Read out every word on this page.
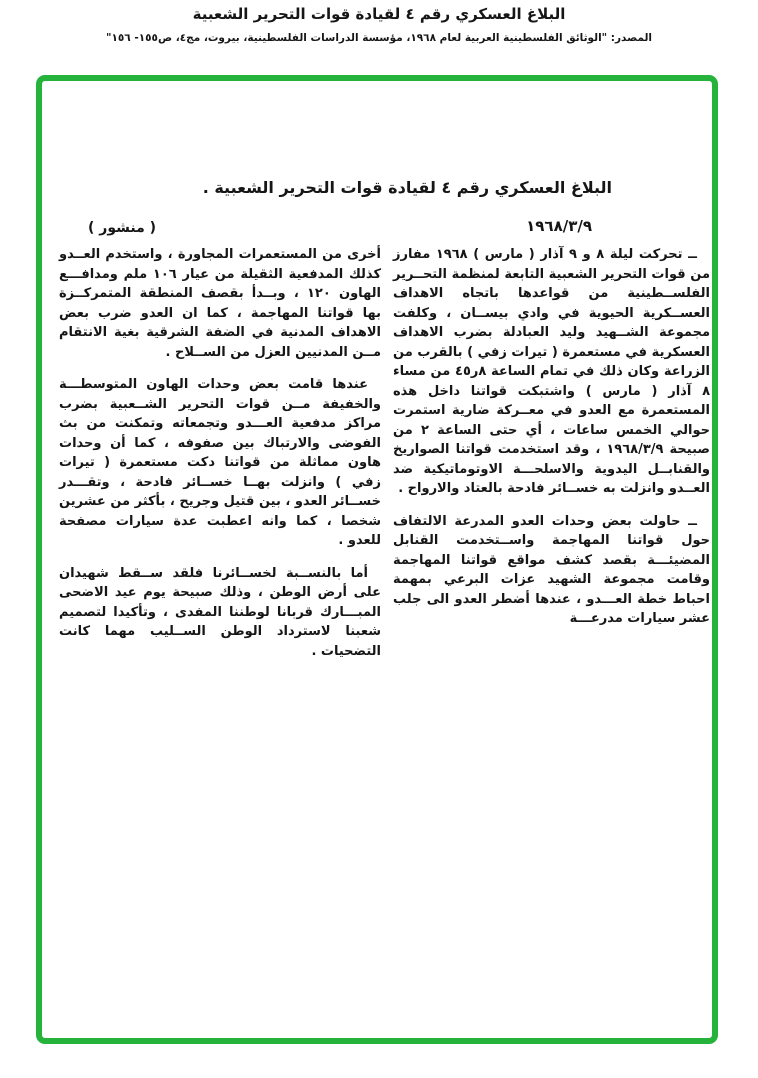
البلاغ العسكري رقم ٤ لقيادة قوات التحرير الشعبية
المصدر: "الوثائق الفلسطينية العربية لعام ١٩٦٨، مؤسسة الدراسات الفلسطينية، بيروت، مج٤، ص١٥٥- ١٥٦"
البلاغ العسكري رقم ٤ لقيادة قوات التحرير الشعبية .
١٩٦٨/٣/٩
( منشور )

ــ تحركت ليلة ٨ و ٩ آذار ( مارس ) ١٩٦٨ مفارز من قوات التحرير الشعبية التابعة لمنظمة التحــرير الفلســطينية من قواعدها باتجاه الاهداف العســكرية الحيوية في وادي بيســان ، وكلفت مجموعة الشــهيد وليد العبادلة بضرب الاهداف العسكرية في مستعمرة ( تيرات زفي ) بالقرب من الزراعة وكان ذلك في تمام الساعة ٨ر٤٥ من مساء ٨ آذار ( مارس ) واشتبكت قواتنا داخل هذه المستعمرة مع العدو في معــركة ضارية استمرت حوالي الخمس ساعات ، أي حتى الساعة ٢ من صبيحة ١٩٦٨/٣/٩ ، وقد استخدمت قواتنا الصواريخ والقنابــل اليدوية والاسلحـــة الاوتوماتيكية ضد العــدو وانزلت به خســائر فادحة بالعتاد والارواح .

ــ حاولت بعض وحدات العدو المدرعة الالتفاف حول قواتنا المهاجمة واســتخدمت القنابل المضيئـــة بقصد كشف مواقع قواتنا المهاجمة وقامت مجموعة الشهيد عزات البرعي بمهمة احباط خطة العـــدو ، عندها أضطر العدو الى جلب عشر سيارات مدرعـــة

أخرى من المستعمرات المجاورة ، واستخدم العــدو كذلك المدفعية الثقيلة من عيار ١٠٦ ملم ومدافـــع الهاون ١٢٠ ، وبــدأ بقصف المنطقة المتمركــزة بها قواتنا المهاجمة ، كما ان العدو ضرب بعض الاهداف المدنية في الضفة الشرقية بغية الانتقام مــن المدنيين العزل من الســلاح .

عندها قامت بعض وحدات الهاون المتوسطـــة والخفيفة مــن قوات التحرير الشــعبية بضرب مراكز مدفعية العـــدو وتجمعاته وتمكنت من بث الفوضى والارتباك بين صفوفه ، كما أن وحدات هاون مماثلة من قواتنا دكت مستعمرة ( تيرات زفي ) وانزلت بهــا خســائر فادحة ، وتقـــدر خســائر العدو ، بين قتيل وجريح ، بأكثر من عشرين شخصا ، كما وانه اعطبت عدة سيارات مصفحة للعدو .

أما بالنســبة لخســائرنا فلقد ســقط شهيدان على أرض الوطن ، وذلك صبيحة يوم عيد الاضحى المبـــارك قربانا لوطننا المفدى ، وتأكيدا لتصميم شعبنا لاسترداد الوطن الســليب مهما كانت التضحيات .
